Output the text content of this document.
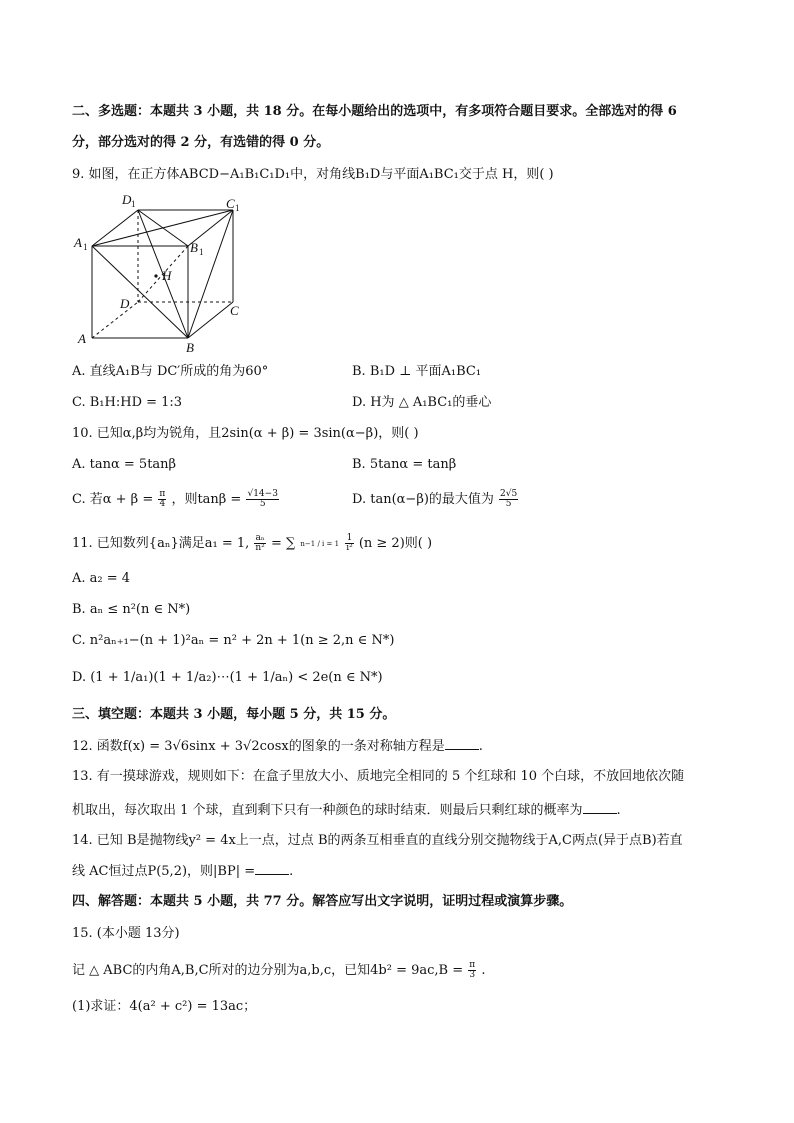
二、多选题：本题共 3 小题，共 18 分。在每小题给出的选项中，有多项符合题目要求。全部选对的得 6
分，部分选对的得 2 分，有选错的得 0 分。
9. 如图，在正方体ABCD−A₁B₁C₁D₁中，对角线B₁D与平面A₁BC₁交于点 H，则( )
D 1	C 1
A 1	B 1
H
D	C
A
B
A. 直线A₁B与 DC′所成的角为60°	B. B₁D ⊥ 平面A₁BC₁
C. B₁H:HD = 1:3	D. H为 △ A₁BC₁的垂心
10. 已知α,β均为锐角，且2sin(α + β) = 3sin(α−β)，则( )
A. tanα = 5tanβ	B. 5tanα = tanβ
C. 若$\alpha + \beta = \frac{\pi}{4}$ ，则$\tan\beta = \frac{√14-3}{5}$	D. tan(α−β)的最大值为 $\frac{2√5}{5}$
11. 已知数列{aₙ}满足a₁ = 1, $\frac{\text{aₙ}}{\text{n²}}$ = ∑ $n-1 / i = 1 \frac{1}{\text{i²}} (n \ge 2)$则( )
A. a₂ = 4
B. aₙ ≤ n²(n ∈ N*)
C. n²aₙ₊₁−(n + 1)²aₙ = n² + 2n + 1(n ≥ 2,n ∈ N*)
D. (1 + 1/a₁)(1 + 1/a₂)⋯(1 + 1/aₙ) < 2e(n ∈ N*)
三、填空题：本题共 3 小题，每小题 5 分，共 15 分。
12. 函数f(x) = 3√6sinx + 3√2cosx的图象的一条对称轴方程是	.
13. 有一摸球游戏，规则如下：在盒子里放大小、质地完全相同的 5 个红球和 10 个白球，不放回地依次随
机取出，每次取出 1 个球，直到剩下只有一种颜色的球时结束．则最后只剩红球的概率为	.
14. 已知 B是抛物线y² = 4x上一点，过点 B的两条互相垂直的直线分别交抛物线于A,C两点(异于点B)若直
线 AC恒过点P(5,2)，则|BP| =	.
四、解答题：本题共 5 小题，共 77 分。解答应写出文字说明，证明过程或演算步骤。
15. (本小题 13分)
记 △ ABC的内角A,B,C所对的边分别为a,b,c，已知$4b^2 = 9ac,B = \frac{\pi}{3}$ .
(1)求证：4(a² + c²) = 13ac；
